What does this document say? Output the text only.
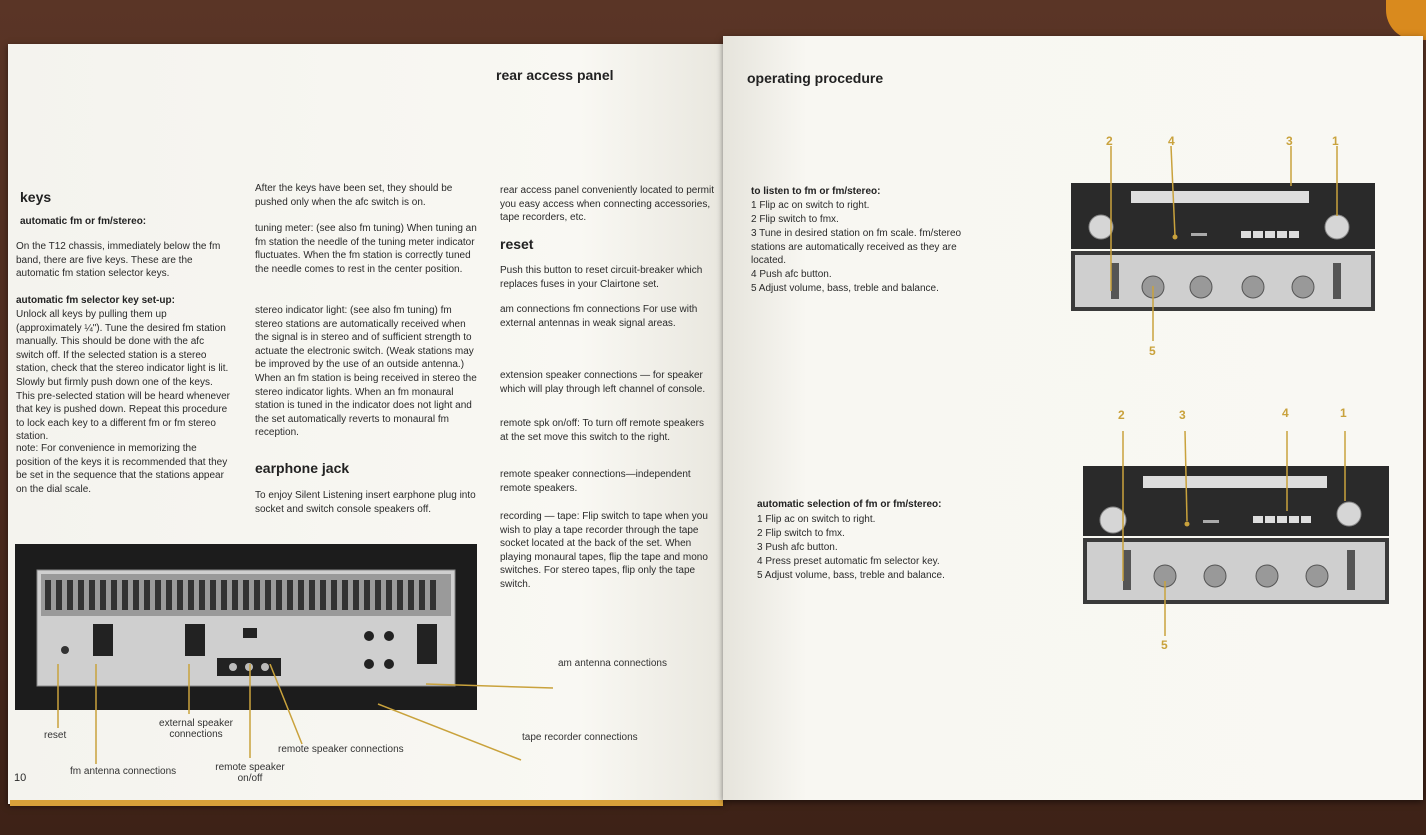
rear access panel
keys
automatic fm or fm/stereo:
On the T12 chassis, immediately below the fm band, there are five keys. These are the automatic fm station selector keys.
automatic fm selector key set-up:
Unlock all keys by pulling them up (approximately ¼"). Tune the desired fm station manually. This should be done with the afc switch off. If the selected station is a stereo station, check that the stereo indicator light is lit. Slowly but firmly push down one of the keys. This pre-selected station will be heard whenever that key is pushed down. Repeat this procedure to lock each key to a different fm or fm stereo station.
note: For convenience in memorizing the position of the keys it is recommended that they be set in the sequence that the stations appear on the dial scale.
After the keys have been set, they should be pushed only when the afc switch is on.
tuning meter: (see also fm tuning) When tuning an fm station the needle of the tuning meter indicator fluctuates. When the fm station is correctly tuned the needle comes to rest in the center position.
stereo indicator light: (see also fm tuning) fm stereo stations are automatically received when the signal is in stereo and of sufficient strength to actuate the electronic switch. (Weak stations may be improved by the use of an outside antenna.) When an fm station is being received in stereo the stereo indicator lights. When an fm monaural station is tuned in the indicator does not light and the set automatically reverts to monaural fm reception.
earphone jack
To enjoy Silent Listening insert earphone plug into socket and switch console speakers off.
rear access panel conveniently located to permit you easy access when connecting accessories, tape recorders, etc.
reset
Push this button to reset circuit-breaker which replaces fuses in your Clairtone set.
am connections fm connections For use with external antennas in weak signal areas.
extension speaker connections — for speaker which will play through left channel of console.
remote spk on/off: To turn off remote speakers at the set move this switch to the right.
remote speaker connections—independent remote speakers.
recording — tape: Flip switch to tape when you wish to play a tape recorder through the tape socket located at the back of the set. When playing monaural tapes, flip the tape and mono switches. For stereo tapes, flip only the tape switch.
reset
fm antenna connections
external speaker connections
remote speaker on/off
remote speaker connections
am antenna connections
tape recorder connections
10
operating procedure
to listen to fm or fm/stereo:
1 Flip ac on switch to right.
2 Flip switch to fmx.
3 Tune in desired station on fm scale. fm/stereo stations are automatically received as they are located.
4 Push afc button.
5 Adjust volume, bass, treble and balance.
automatic selection of fm or fm/stereo:
1 Flip ac on switch to right.
2 Flip switch to fmx.
3 Push afc button.
4 Press preset automatic fm selector key.
5 Adjust volume, bass, treble and balance.
2	4	3	1
5
2	3	4	1
5
